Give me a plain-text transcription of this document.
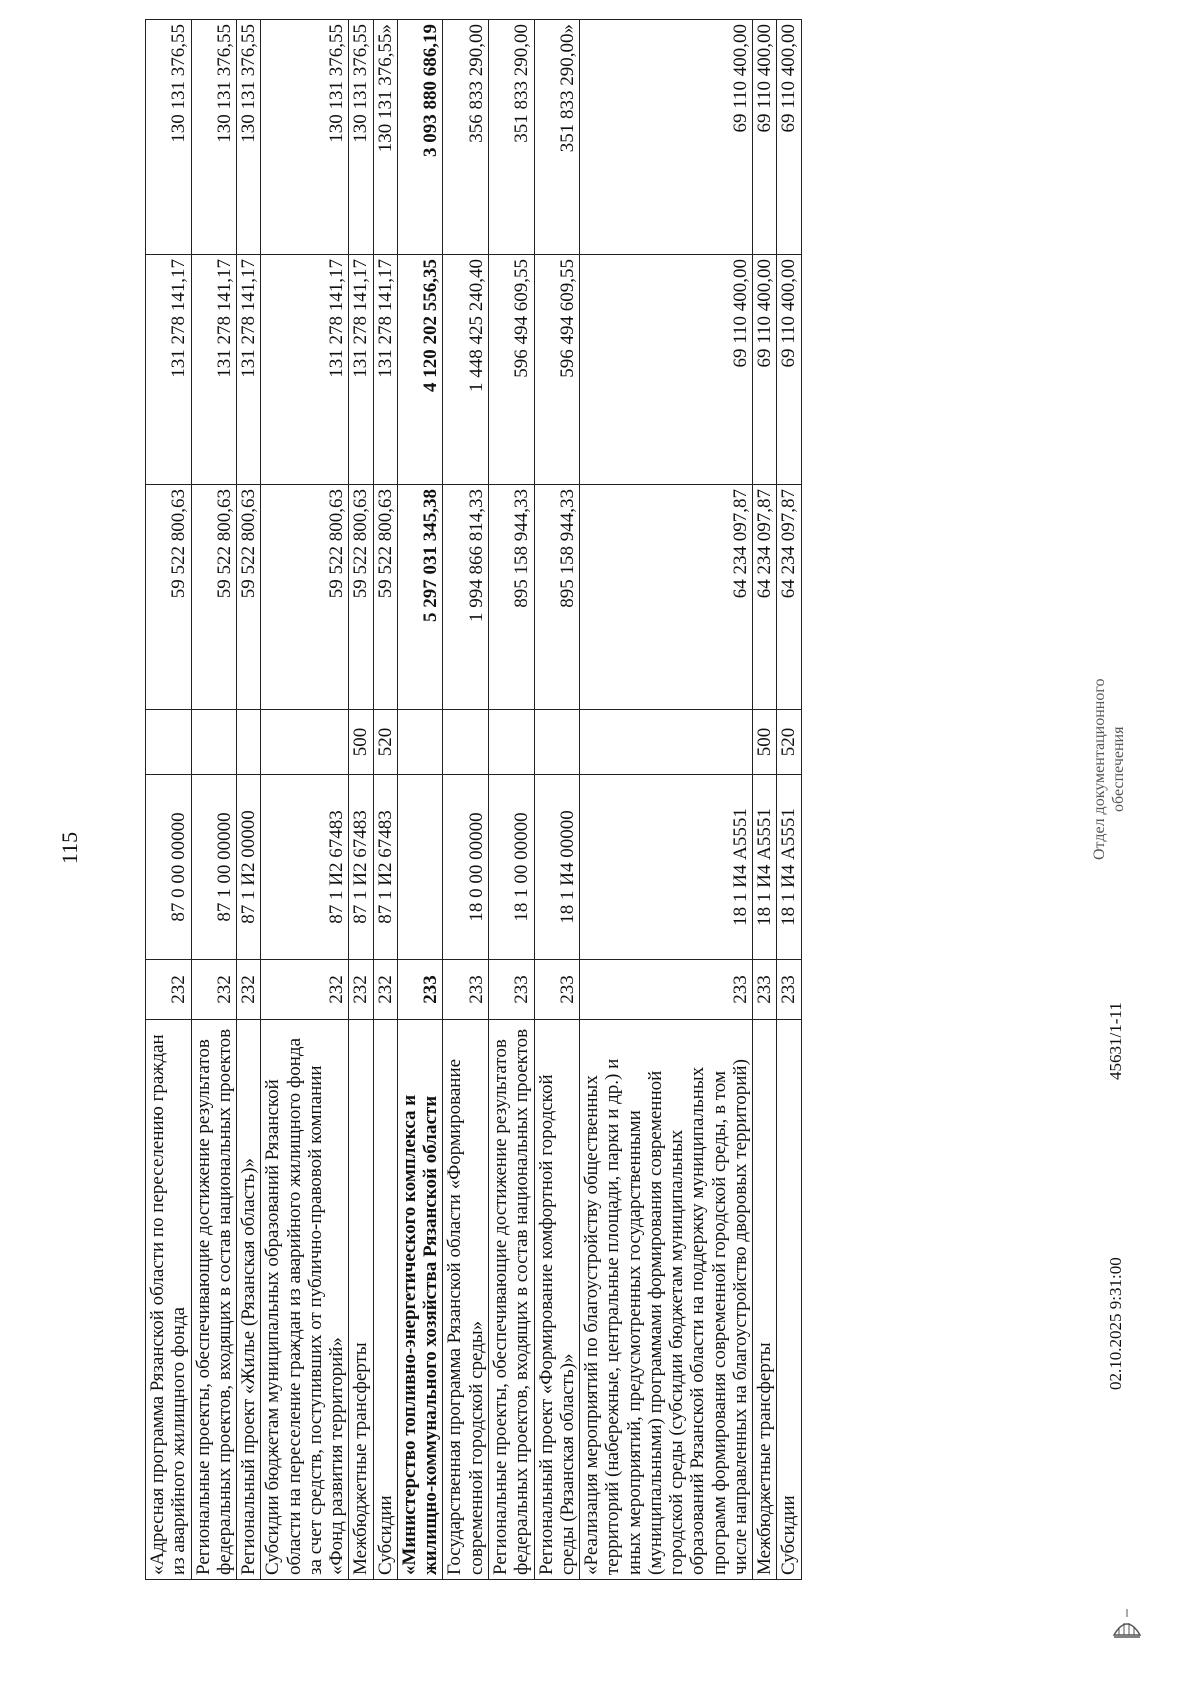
115
«Адресная программа Рязанской области по переселению граждан из аварийного жилищного фонда	232	87 0 00 00000		59 522 800,63	131 278 141,17	130 131 376,55
Региональные проекты, обеспечивающие достижение результатов федеральных проектов, входящих в состав национальных проектов	232	87 1 00 00000		59 522 800,63	131 278 141,17	130 131 376,55
Региональный проект «Жилье (Рязанская область)»	232	87 1 И2 00000		59 522 800,63	131 278 141,17	130 131 376,55
Субсидии бюджетам муниципальных образований Рязанской области на переселение граждан из аварийного жилищного фонда за счет средств, поступивших от публично-правовой компании «Фонд развития территорий»	232	87 1 И2 67483		59 522 800,63	131 278 141,17	130 131 376,55
Межбюджетные трансферты	232	87 1 И2 67483	500	59 522 800,63	131 278 141,17	130 131 376,55
Субсидии	232	87 1 И2 67483	520	59 522 800,63	131 278 141,17	130 131 376,55»
«Министерство топливно-энергетического комплекса и жилищно-коммунального хозяйства Рязанской области	233			5 297 031 345,38	4 120 202 556,35	3 093 880 686,19
Государственная программа Рязанской области «Формирование современной городской среды»	233	18 0 00 00000		1 994 866 814,33	1 448 425 240,40	356 833 290,00
Региональные проекты, обеспечивающие достижение результатов федеральных проектов, входящих в состав национальных проектов	233	18 1 00 00000		895 158 944,33	596 494 609,55	351 833 290,00
Региональный проект «Формирование комфортной городской среды (Рязанская область)»	233	18 1 И4 00000		895 158 944,33	596 494 609,55	351 833 290,00»
«Реализация мероприятий по благоустройству общественных территорий (набережные, центральные площади, парки и др.) и иных мероприятий, предусмотренных государственными (муниципальными) программами формирования современной городской среды (субсидии бюджетам муниципальных образований Рязанской области на поддержку муниципальных программ формирования современной городской среды, в том числе направленных на благоустройство дворовых территорий)	233	18 1 И4 А5551		64 234 097,87	69 110 400,00	69 110 400,00
Межбюджетные трансферты	233	18 1 И4 А5551	500	64 234 097,87	69 110 400,00	69 110 400,00
Субсидии	233	18 1 И4 А5551	520	64 234 097,87	69 110 400,00	69 110 400,00
02.10.2025 9:31:00
45631/1-11
Отдел документационного обеспечения
